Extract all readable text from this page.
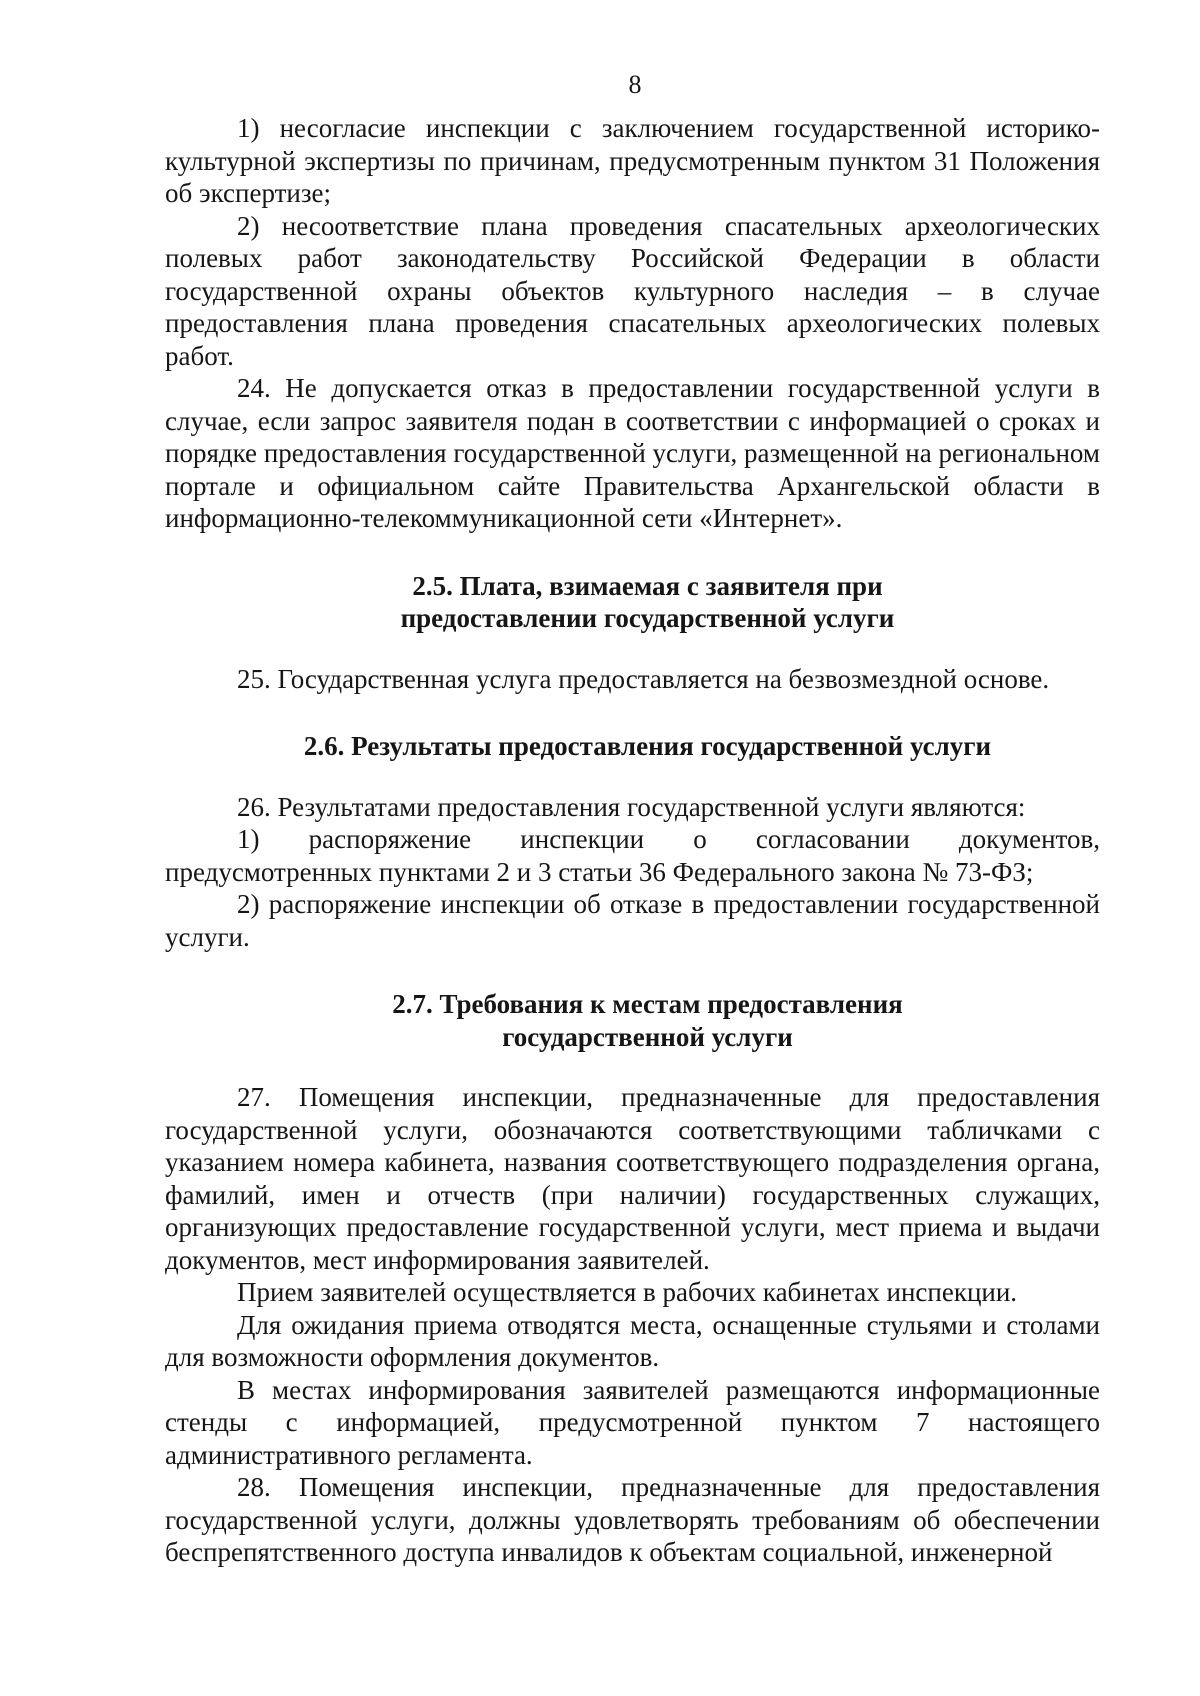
8

1) несогласие инспекции с заключением государственной историко-культурной экспертизы по причинам, предусмотренным пунктом 31 Положения об экспертизе;

2) несоответствие плана проведения спасательных археологических полевых работ законодательству Российской Федерации в области государственной охраны объектов культурного наследия – в случае предоставления плана проведения спасательных археологических полевых работ.

24. Не допускается отказ в предоставлении государственной услуги в случае, если запрос заявителя подан в соответствии с информацией о сроках и порядке предоставления государственной услуги, размещенной на региональном портале и официальном сайте Правительства Архангельской области в информационно-телекоммуникационной сети «Интернет».

2.5. Плата, взимаемая с заявителя при
предоставлении государственной услуги

25. Государственная услуга предоставляется на безвозмездной основе.

2.6. Результаты предоставления государственной услуги

26. Результатами предоставления государственной услуги являются:

1) распоряжение инспекции о согласовании документов, предусмотренных пунктами 2 и 3 статьи 36 Федерального закона № 73-ФЗ;

2) распоряжение инспекции об отказе в предоставлении государственной услуги.

2.7. Требования к местам предоставления
государственной услуги

27. Помещения инспекции, предназначенные для предоставления государственной услуги, обозначаются соответствующими табличками с указанием номера кабинета, названия соответствующего подразделения органа, фамилий, имен и отчеств (при наличии) государственных служащих, организующих предоставление государственной услуги, мест приема и выдачи документов, мест информирования заявителей.

Прием заявителей осуществляется в рабочих кабинетах инспекции.

Для ожидания приема отводятся места, оснащенные стульями и столами для возможности оформления документов.

В местах информирования заявителей размещаются информационные стенды с информацией, предусмотренной пунктом 7 настоящего административного регламента.

28. Помещения инспекции, предназначенные для предоставления государственной услуги, должны удовлетворять требованиям об обеспечении беспрепятственного доступа инвалидов к объектам социальной, инженерной
